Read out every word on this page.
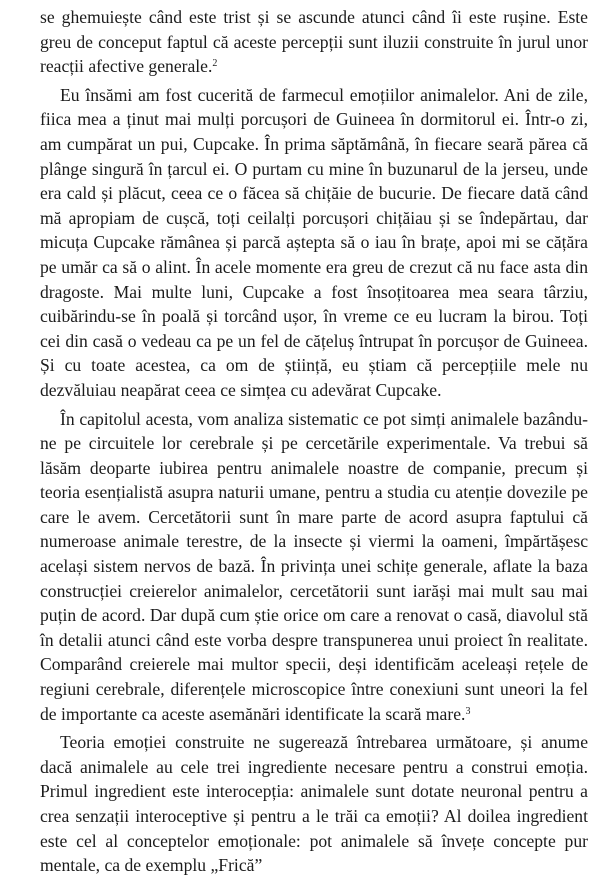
se ghemuiește când este trist și se ascunde atunci când îi este rușine. Este greu de conceput faptul că aceste percepții sunt iluzii construite în jurul unor reacții afective generale.$^2$

Eu însămi am fost cucerită de farmecul emoțiilor animalelor. Ani de zile, fiica mea a ținut mai mulți porcușori de Guineea în dormitorul ei. Într-o zi, am cumpărat un pui, Cupcake. În prima săptămână, în fiecare seară părea că plânge singură în țarcul ei. O purtam cu mine în buzunarul de la jerseu, unde era cald și plăcut, ceea ce o făcea să chițăie de bucurie. De fiecare dată când mă apropiam de cușcă, toți ceilalți porcușori chițăiau și se îndepărtau, dar micuța Cupcake rămânea și parcă aștepta să o iau în brațe, apoi mi se cățăra pe umăr ca să o alint. În acele momente era greu de crezut că nu face asta din dragoste. Mai multe luni, Cupcake a fost însoțitoarea mea seara târziu, cuibărindu-se în poală și torcând ușor, în vreme ce eu lucram la birou. Toți cei din casă o vedeau ca pe un fel de cățeluș întrupat în porcușor de Guineea. Și cu toate acestea, ca om de știință, eu știam că percepțiile mele nu dezvăluiau neapărat ceea ce simțea cu adevărat Cupcake.

În capitolul acesta, vom analiza sistematic ce pot simți animalele bazându-ne pe circuitele lor cerebrale și pe cercetările experimentale. Va trebui să lăsăm deoparte iubirea pentru animalele noastre de companie, precum și teoria esențialistă asupra naturii umane, pentru a studia cu atenție dovezile pe care le avem. Cercetătorii sunt în mare parte de acord asupra faptului că numeroase animale terestre, de la insecte și viermi la oameni, împărtășesc același sistem nervos de bază. În privința unei schițe generale, aflate la baza construcției creierelor animalelor, cercetătorii sunt iarăși mai mult sau mai puțin de acord. Dar după cum știe orice om care a renovat o casă, diavolul stă în detalii atunci când este vorba despre transpunerea unui proiect în realitate. Comparând creierele mai multor specii, deși identificăm aceleași rețele de regiuni cerebrale, diferențele microscopice între conexiuni sunt uneori la fel de importante ca aceste asemănări identificate la scară mare.$^3$

Teoria emoției construite ne sugerează întrebarea următoare, și anume dacă animalele au cele trei ingrediente necesare pentru a construi emoția. Primul ingredient este interocepția: animalele sunt dotate neuronal pentru a crea senzații interoceptive și pentru a le trăi ca emoții? Al doilea ingredient este cel al conceptelor emoționale: pot animalele să învețe concepte pur mentale, ca de exemplu „Frică”
